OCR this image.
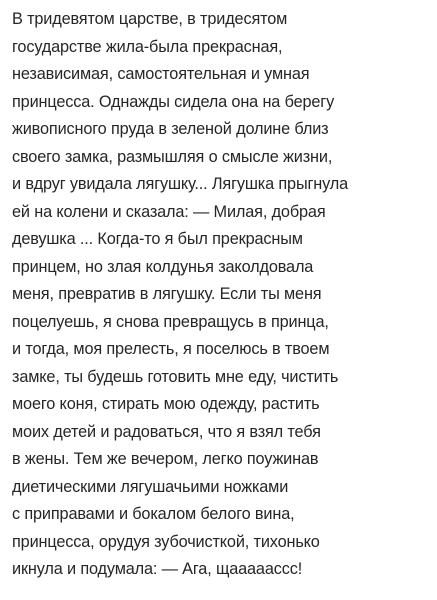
В тридевятом царстве, в тридесятом
государстве жила-была прекрасная,
независимая, самостоятельная и умная
принцесса. Однажды сидела она на берегу
живописного пруда в зеленой долине близ
своего замка, размышляя о смысле жизни,
и вдруг увидала лягушку... Лягушка прыгнула
ей на колени и сказала: — Милая, добрая
девушка ... Когда-то я был прекрасным
принцем, но злая колдунья заколдовала
меня, превратив в лягушку. Если ты меня
поцелуешь, я снова превращусь в принца,
и тогда, моя прелесть, я поселюсь в твоем
замке, ты будешь готовить мне еду, чистить
моего коня, стирать мою одежду, растить
моих детей и радоваться, что я взял тебя
в жены. Тем же вечером, легко поужинав
диетическими лягушачьими ножками
с приправами и бокалом белого вина,
принцесса, орудуя зубочисткой, тихонько
икнула и подумала: — Ага, щаааааccc!
